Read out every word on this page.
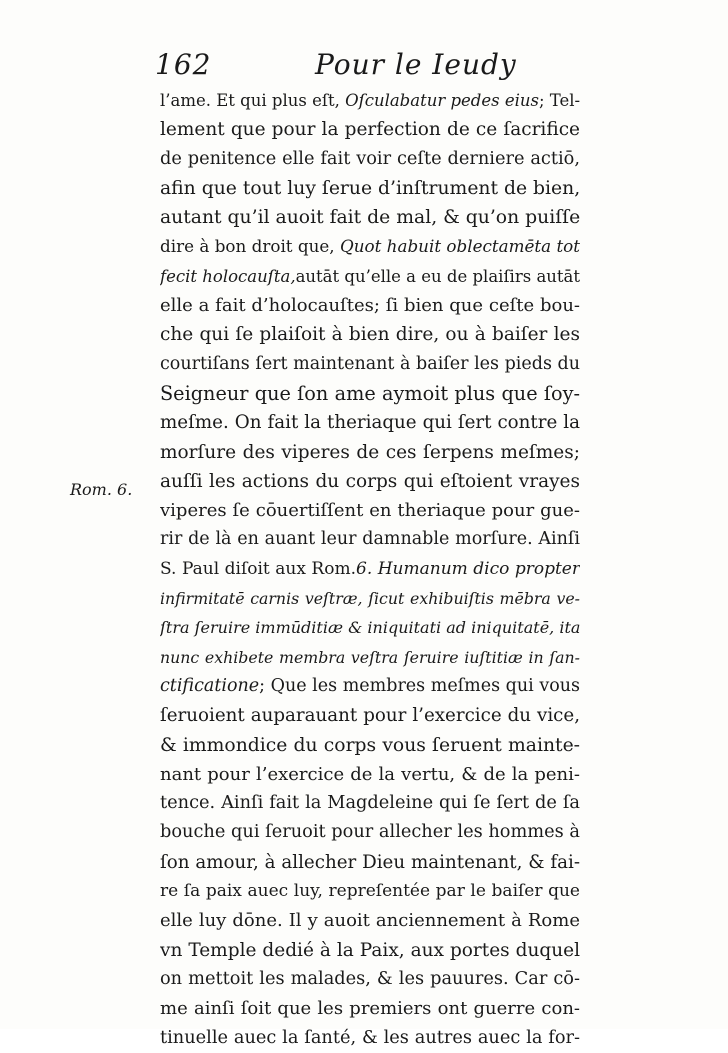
162	Pour le Ieudy
Rom. 6.
l’ame. Et qui plus eſt, Oſculabatur pedes eius; Tel-
lement que pour la perfection de ce ſacrifice
de penitence elle fait voir ceſte derniere actiō,
afin que tout luy ſerue d’inſtrument de bien,
autant qu’il auoit fait de mal, & qu’on puiſſe
dire à bon droit que, Quot habuit oblectamēta tot
fecit holocauſta,autāt qu’elle a eu de plaiſirs autāt
elle a fait d’holocauſtes; ſi bien que ceſte bou-
che qui ſe plaiſoit à bien dire, ou à baiſer les
courtiſans ſert maintenant à baiſer les pieds du
Seigneur que ſon ame aymoit plus que ſoy-
meſme. On fait la theriaque qui ſert contre la
morſure des viperes de ces ſerpens meſmes;
auſſi les actions du corps qui eſtoient vrayes
viperes ſe cōuertiſſent en theriaque pour gue-
rir de là en auant leur damnable morſure. Ainſi
S. Paul diſoit aux Rom.6. Humanum dico propter
infirmitatē carnis veſtræ, ſicut exhibuiſtis mēbra ve-
ſtra ſeruire immūditiæ & iniquitati ad iniquitatē, ita
nunc exhibete membra veſtra ſeruire iuſtitiæ in ſan-
ctificatione; Que les membres meſmes qui vous
ſeruoient auparauant pour l’exercice du vice,
& immondice du corps vous ſeruent mainte-
nant pour l’exercice de la vertu, & de la peni-
tence. Ainſi fait la Magdeleine qui ſe ſert de ſa
bouche qui ſeruoit pour allecher les hommes à
ſon amour, à allecher Dieu maintenant, & fai-
re ſa paix auec luy, repreſentée par le baiſer que
elle luy dōne. Il y auoit anciennement à Rome
vn Temple dedié à la Paix, aux portes duquel
on mettoit les malades, & les pauures. Car cō-
me ainſi ſoit que les premiers ont guerre con-
tinuelle auec la ſanté, & les autres auec la for-
